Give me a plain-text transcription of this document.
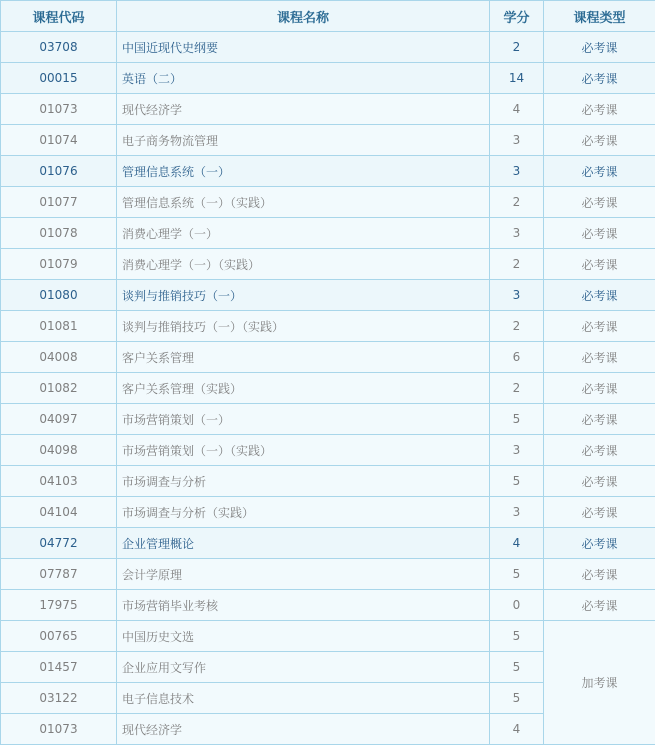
课程代码	课程名称	学分	课程类型
03708	中国近现代史纲要	2	必考课
00015	英语（二）	14	必考课
01073	现代经济学	4	必考课
01074	电子商务物流管理	3	必考课
01076	管理信息系统（一）	3	必考课
01077	管理信息系统（一）（实践）	2	必考课
01078	消费心理学（一）	3	必考课
01079	消费心理学（一）（实践）	2	必考课
01080	谈判与推销技巧（一）	3	必考课
01081	谈判与推销技巧（一）（实践）	2	必考课
04008	客户关系管理	6	必考课
01082	客户关系管理（实践）	2	必考课
04097	市场营销策划（一）	5	必考课
04098	市场营销策划（一）（实践）	3	必考课
04103	市场调查与分析	5	必考课
04104	市场调查与分析（实践）	3	必考课
04772	企业管理概论	4	必考课
07787	会计学原理	5	必考课
17975	市场营销毕业考核	0	必考课
00765	中国历史文选	5	加考课
01457	企业应用文写作	5	
03122	电子信息技术	5	
01073	现代经济学	4	
